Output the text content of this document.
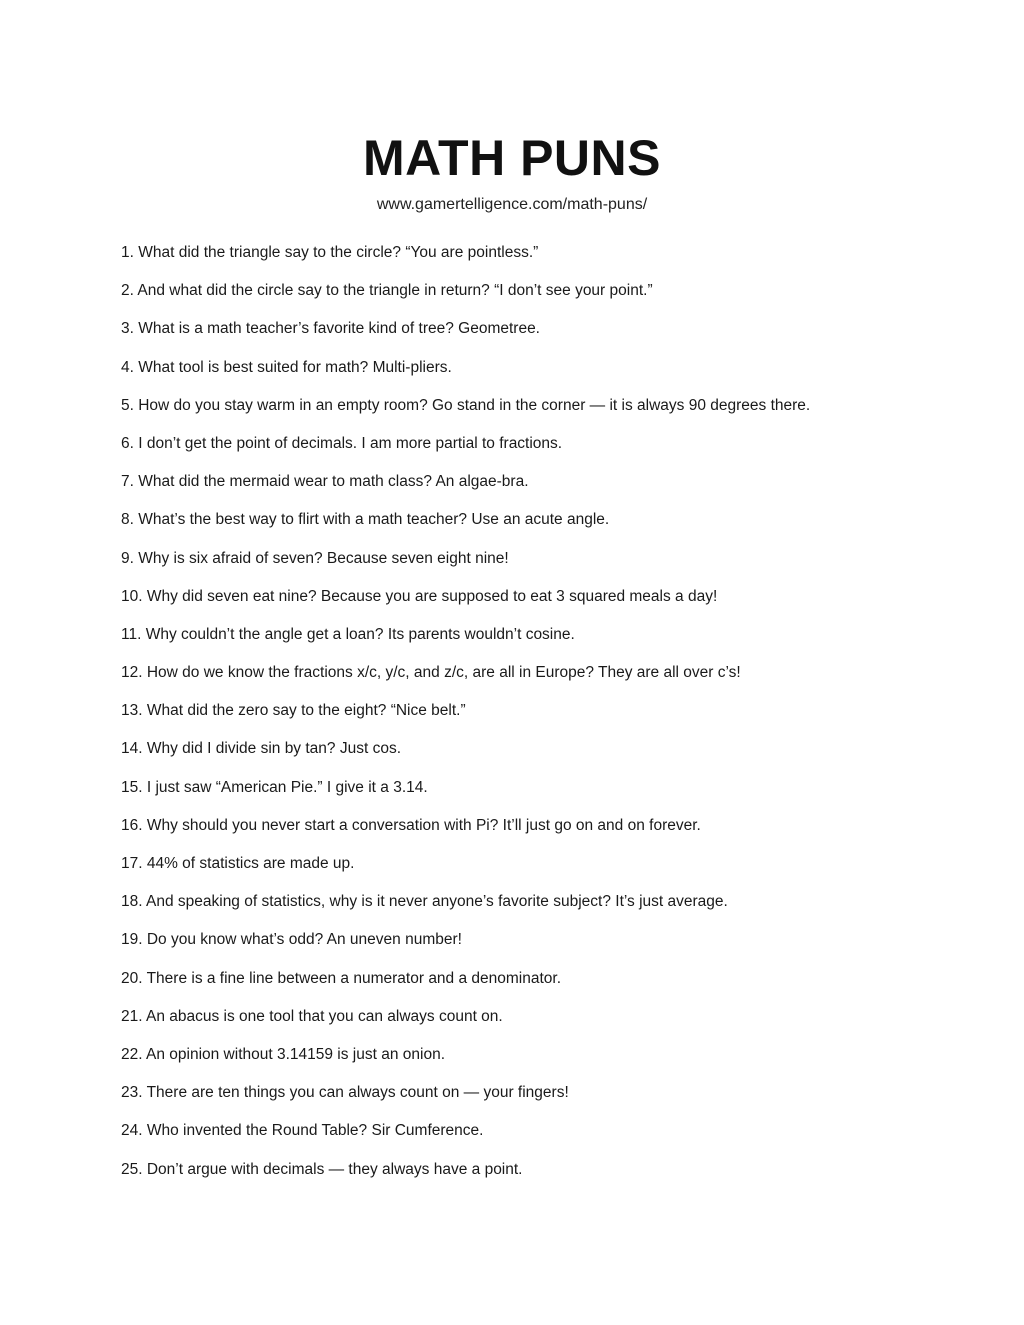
MATH PUNS
www.gamertelligence.com/math-puns/
1. What did the triangle say to the circle? “You are pointless.”
2. And what did the circle say to the triangle in return? “I don’t see your point.”
3. What is a math teacher’s favorite kind of tree? Geometree.
4. What tool is best suited for math? Multi-pliers.
5. How do you stay warm in an empty room? Go stand in the corner — it is always 90 degrees there.
6. I don’t get the point of decimals. I am more partial to fractions.
7. What did the mermaid wear to math class? An algae-bra.
8. What’s the best way to flirt with a math teacher? Use an acute angle.
9. Why is six afraid of seven? Because seven eight nine!
10. Why did seven eat nine? Because you are supposed to eat 3 squared meals a day!
11. Why couldn’t the angle get a loan? Its parents wouldn’t cosine.
12. How do we know the fractions x/c, y/c, and z/c, are all in Europe? They are all over c’s!
13. What did the zero say to the eight? “Nice belt.”
14. Why did I divide sin by tan? Just cos.
15. I just saw “American Pie.” I give it a 3.14.
16. Why should you never start a conversation with Pi? It’ll just go on and on forever.
17. 44% of statistics are made up.
18. And speaking of statistics, why is it never anyone’s favorite subject? It’s just average.
19. Do you know what’s odd? An uneven number!
20. There is a fine line between a numerator and a denominator.
21. An abacus is one tool that you can always count on.
22. An opinion without 3.14159 is just an onion.
23. There are ten things you can always count on — your fingers!
24. Who invented the Round Table? Sir Cumference.
25. Don’t argue with decimals — they always have a point.
